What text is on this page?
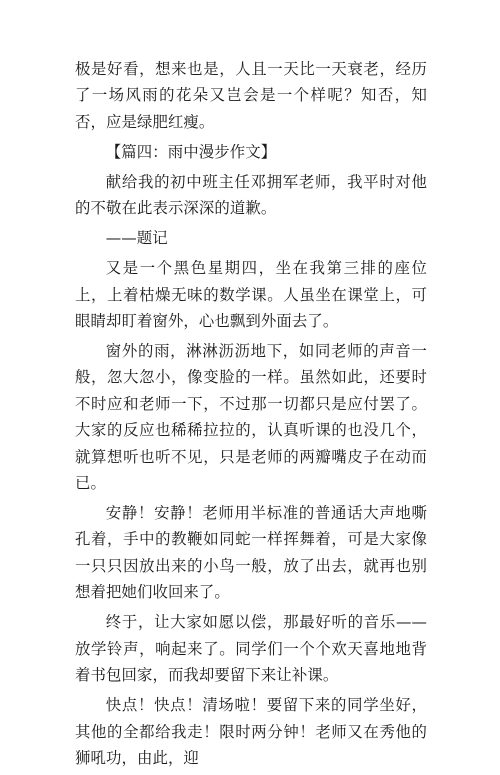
极是好看，想来也是，人且一天比一天衰老，经历了一场风雨的花朵又岂会是一个样呢？知否，知否，应是绿肥红瘦。

【篇四：雨中漫步作文】

献给我的初中班主任邓拥军老师，我平时对他的不敬在此表示深深的道歉。

——题记

又是一个黑色星期四，坐在我第三排的座位上，上着枯燥无味的数学课。人虽坐在课堂上，可眼睛却盯着窗外，心也飘到外面去了。

窗外的雨，淋淋沥沥地下，如同老师的声音一般，忽大忽小，像变脸的一样。虽然如此，还要时不时应和老师一下，不过那一切都只是应付罢了。大家的反应也稀稀拉拉的，认真听课的也没几个，就算想听也听不见，只是老师的两瓣嘴皮子在动而已。

安静！安静！老师用半标准的普通话大声地嘶孔着，手中的教鞭如同蛇一样挥舞着，可是大家像一只只因放出来的小鸟一般，放了出去，就再也别想着把她们收回来了。

终于，让大家如愿以偿，那最好听的音乐——放学铃声，响起来了。同学们一个个欢天喜地地背着书包回家，而我却要留下来让补课。

快点！快点！清场啦！要留下来的同学坐好，其他的全都给我走！限时两分钟！老师又在秀他的狮吼功，由此，迎
